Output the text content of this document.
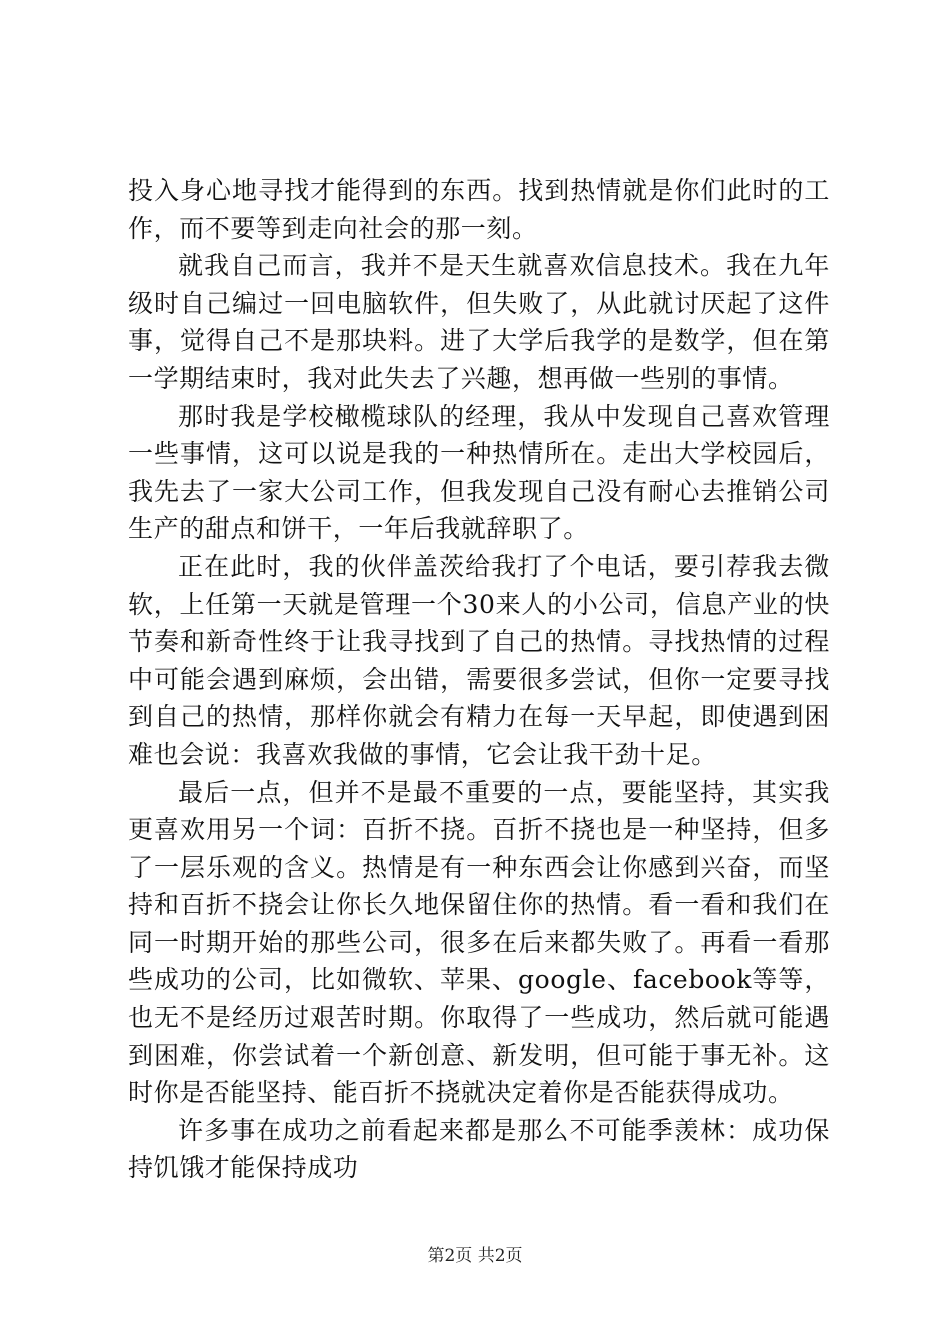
投入身心地寻找才能得到的东西。找到热情就是你们此时的工作，而不要等到走向社会的那一刻。

就我自己而言，我并不是天生就喜欢信息技术。我在九年级时自己编过一回电脑软件，但失败了，从此就讨厌起了这件事，觉得自己不是那块料。进了大学后我学的是数学，但在第一学期结束时，我对此失去了兴趣，想再做一些别的事情。

那时我是学校橄榄球队的经理，我从中发现自己喜欢管理一些事情，这可以说是我的一种热情所在。走出大学校园后，我先去了一家大公司工作，但我发现自己没有耐心去推销公司生产的甜点和饼干，一年后我就辞职了。

正在此时，我的伙伴盖茨给我打了个电话，要引荐我去微软，上任第一天就是管理一个30来人的小公司，信息产业的快节奏和新奇性终于让我寻找到了自己的热情。寻找热情的过程中可能会遇到麻烦，会出错，需要很多尝试，但你一定要寻找到自己的热情，那样你就会有精力在每一天早起，即使遇到困难也会说：我喜欢我做的事情，它会让我干劲十足。

最后一点，但并不是最不重要的一点，要能坚持，其实我更喜欢用另一个词：百折不挠。百折不挠也是一种坚持，但多了一层乐观的含义。热情是有一种东西会让你感到兴奋，而坚持和百折不挠会让你长久地保留住你的热情。看一看和我们在同一时期开始的那些公司，很多在后来都失败了。再看一看那些成功的公司，比如微软、苹果、google、facebook等等，也无不是经历过艰苦时期。你取得了一些成功，然后就可能遇到困难，你尝试着一个新创意、新发明，但可能于事无补。这时你是否能坚持、能百折不挠就决定着你是否能获得成功。

许多事在成功之前看起来都是那么不可能季羡林：成功保持饥饿才能保持成功

第2页 共2页
